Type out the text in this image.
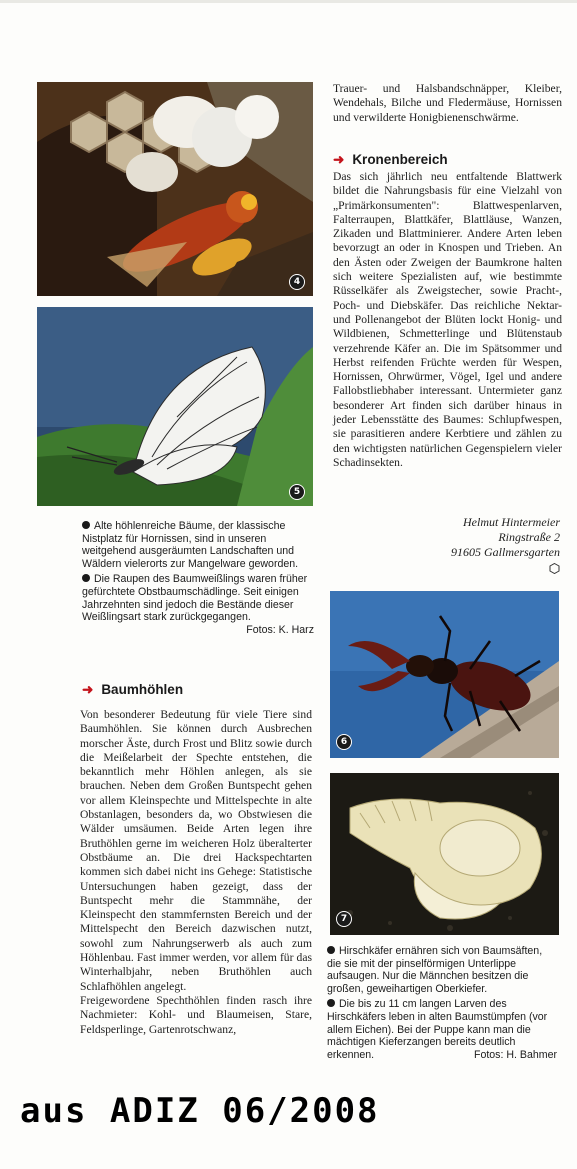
4
5

Alte höhlenreiche Bäume, der klassische Nistplatz für Hornissen, sind in unseren weitgehend ausgeräumten Landschaften und Wäldern vielerorts zur Mangelware geworden.

Die Raupen des Baumweißlings waren früher gefürchtete Obstbaumschädlinge. Seit einigen Jahrzehnten sind jedoch die Bestände dieser Weißlingsart stark zurückgegangen.
Fotos: K. Harz

➜ Baumhöhlen

Von besonderer Bedeutung für viele Tiere sind Baumhöhlen. Sie können durch Ausbrechen morscher Äste, durch Frost und Blitz sowie durch die Meißelarbeit der Spechte entstehen, die bekanntlich mehr Höhlen anlegen, als sie brauchen. Neben dem Großen Buntspecht gehen vor allem Kleinspechte und Mittelspechte in alte Obstanlagen, besonders da, wo Obstwiesen die Wälder umsäumen. Beide Arten legen ihre Bruthöhlen gerne im weicheren Holz überalterter Obstbäume an. Die drei Hackspechtarten kommen sich dabei nicht ins Gehege: Statistische Untersuchungen haben gezeigt, dass der Buntspecht mehr die Stammnähe, der Kleinspecht den stammfernsten Bereich und der Mittelspecht den Bereich dazwischen nutzt, sowohl zum Nahrungserwerb als auch zum Höhlenbau. Fast immer werden, vor allem für das Winterhalbjahr, neben Bruthöhlen auch Schlafhöhlen angelegt.

Freigewordene Spechthöhlen finden rasch ihre Nachmieter: Kohl- und Blaumeisen, Stare, Feldsperlinge, Gartenrotschwanz,

Trauer- und Halsbandschnäpper, Kleiber, Wendehals, Bilche und Fledermäuse, Hornissen und verwilderte Honigbienenschwärme.

➜ Kronenbereich

Das sich jährlich neu entfaltende Blattwerk bildet die Nahrungsbasis für eine Vielzahl von „Primärkonsumenten": Blattwespenlarven, Falterraupen, Blattkäfer, Blattläuse, Wanzen, Zikaden und Blattminierer. Andere Arten leben bevorzugt an oder in Knospen und Trieben. An den Ästen oder Zweigen der Baumkrone halten sich weitere Spezialisten auf, wie bestimmte Rüsselkäfer als Zweigstecher, sowie Pracht-, Poch- und Diebskäfer. Das reichliche Nektar- und Pollenangebot der Blüten lockt Honig- und Wildbienen, Schmetterlinge und Blütenstaub verzehrende Käfer an. Die im Spätsommer und Herbst reifenden Früchte werden für Wespen, Hornissen, Ohrwürmer, Vögel, Igel und andere Fallobstliebhaber interessant. Untermieter ganz besonderer Art finden sich darüber hinaus in jeder Lebensstätte des Baumes: Schlupfwespen, sie parasitieren andere Kerbtiere und zählen zu den wichtigsten natürlichen Gegenspielern vieler Schadinsekten.

Helmut Hintermeier
Ringstraße 2
91605 Gallmersgarten
6
7

Hirschkäfer ernähren sich von Baumsäften, die sie mit der pinselförmigen Unterlippe aufsaugen. Nur die Männchen besitzen die großen, geweihartigen Oberkiefer.

Die bis zu 11 cm langen Larven des Hirschkäfers leben in alten Baumstümpfen (vor allem Eichen). Bei der Puppe kann man die mächtigen Kieferzangen bereits deutlich erkennen.	Fotos: H. Bahmer

aus ADIZ 06/2008
